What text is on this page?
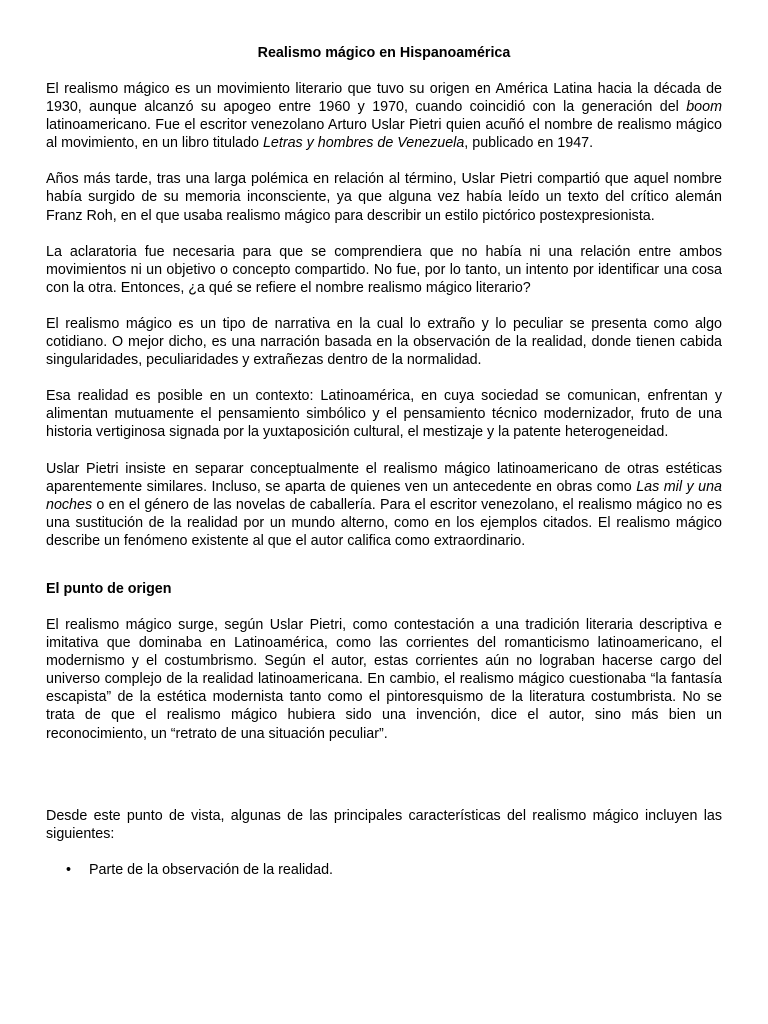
Realismo mágico en Hispanoamérica

El realismo mágico es un movimiento literario que tuvo su origen en América Latina hacia la década de 1930, aunque alcanzó su apogeo entre 1960 y 1970, cuando coincidió con la generación del boom latinoamericano. Fue el escritor venezolano Arturo Uslar Pietri quien acuñó el nombre de realismo mágico al movimiento, en un libro titulado Letras y hombres de Venezuela, publicado en 1947.

Años más tarde, tras una larga polémica en relación al término, Uslar Pietri compartió que aquel nombre había surgido de su memoria inconsciente, ya que alguna vez había leído un texto del crítico alemán Franz Roh, en el que usaba realismo mágico para describir un estilo pictórico postexpresionista.

La aclaratoria fue necesaria para que se comprendiera que no había ni una relación entre ambos movimientos ni un objetivo o concepto compartido. No fue, por lo tanto, un intento por identificar una cosa con la otra. Entonces, ¿a qué se refiere el nombre realismo mágico literario?

El realismo mágico es un tipo de narrativa en la cual lo extraño y lo peculiar se presenta como algo cotidiano. O mejor dicho, es una narración basada en la observación de la realidad, donde tienen cabida singularidades, peculiaridades y extrañezas dentro de la normalidad.

Esa realidad es posible en un contexto: Latinoamérica, en cuya sociedad se comunican, enfrentan y alimentan mutuamente el pensamiento simbólico y el pensamiento técnico modernizador, fruto de una historia vertiginosa signada por la yuxtaposición cultural, el mestizaje y la patente heterogeneidad.

Uslar Pietri insiste en separar conceptualmente el realismo mágico latinoamericano de otras estéticas aparentemente similares. Incluso, se aparta de quienes ven un antecedente en obras como Las mil y una noches o en el género de las novelas de caballería. Para el escritor venezolano, el realismo mágico no es una sustitución de la realidad por un mundo alterno, como en los ejemplos citados. El realismo mágico describe un fenómeno existente al que el autor califica como extraordinario.

El punto de origen

El realismo mágico surge, según Uslar Pietri, como contestación a una tradición literaria descriptiva e imitativa que dominaba en Latinoamérica, como las corrientes del romanticismo latinoamericano, el modernismo y el costumbrismo. Según el autor, estas corrientes aún no lograban hacerse cargo del universo complejo de la realidad latinoamericana. En cambio, el realismo mágico cuestionaba “la fantasía escapista” de la estética modernista tanto como el pintoresquismo de la literatura costumbrista. No se trata de que el realismo mágico hubiera sido una invención, dice el autor, sino más bien un reconocimiento, un “retrato de una situación peculiar”.

Desde este punto de vista, algunas de las principales características del realismo mágico incluyen las siguientes:

• Parte de la observación de la realidad.
